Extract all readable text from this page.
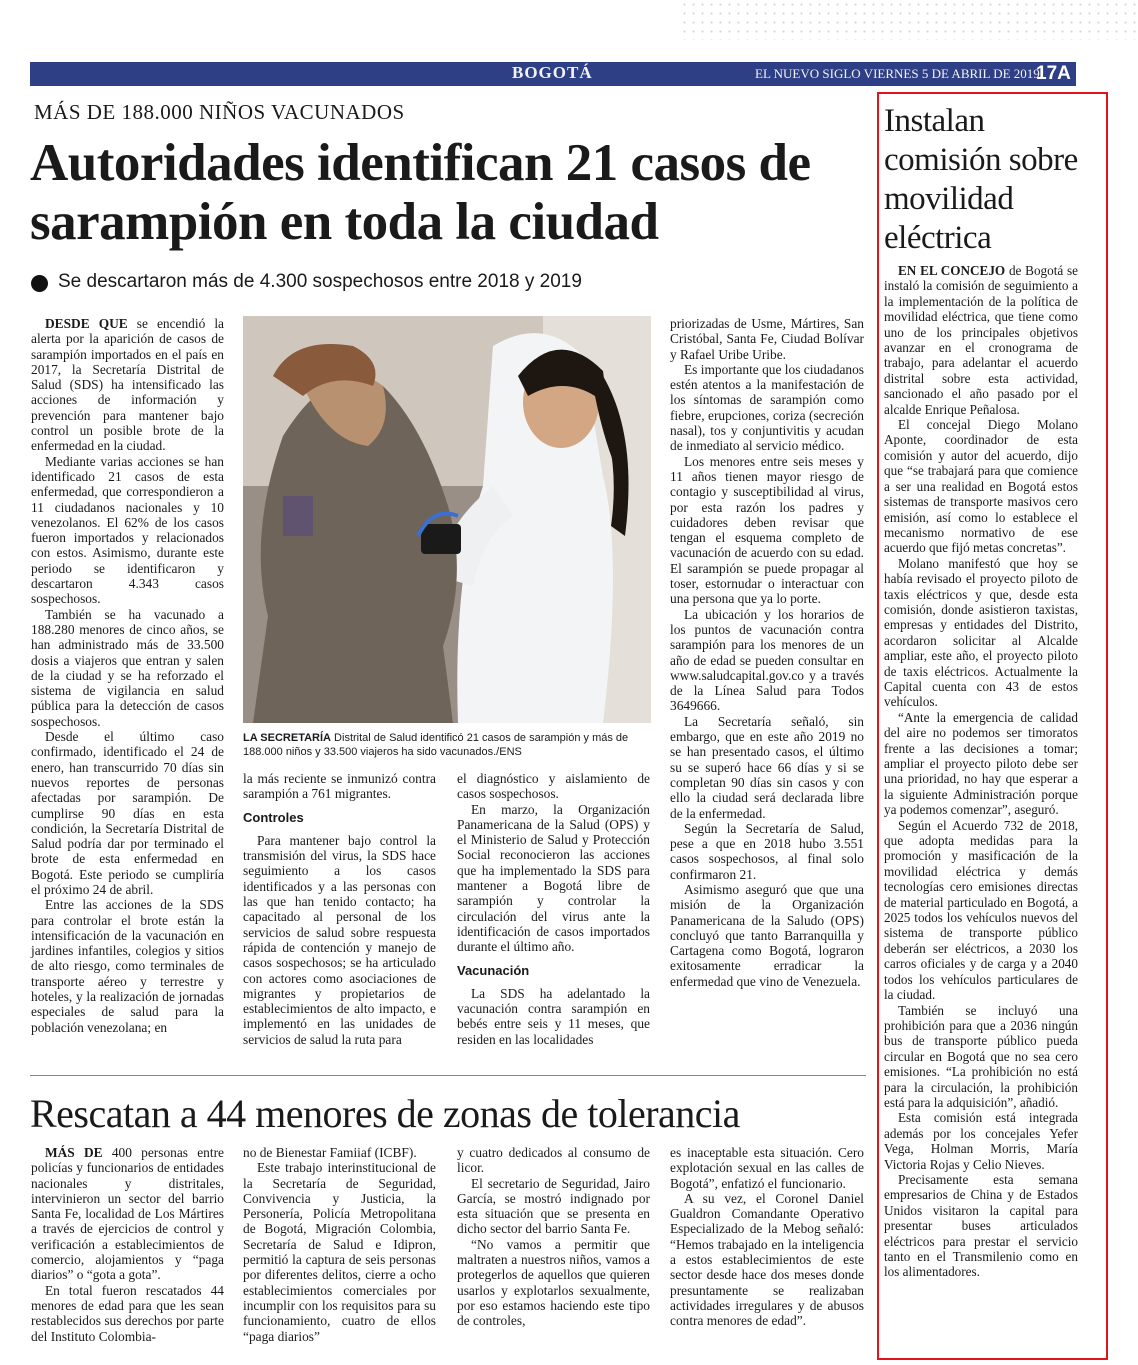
BOGOTÁ	EL NUEVO SIGLO VIERNES 5 DE ABRIL DE 2019
17A
MÁS DE 188.000 NIÑOS VACUNADOS
Autoridades identifican 21 casos de sarampión en toda la ciudad
Se descartaron más de 4.300 sospechosos entre 2018 y 2019

DESDE QUE se encendió la alerta por la aparición de casos de sarampión importados en el país en 2017, la Secretaría Distrital de Salud (SDS) ha intensificado las acciones de información y prevención para mantener bajo control un posible brote de la enfermedad en la ciudad.

Mediante varias acciones se han identificado 21 casos de esta enfermedad, que correspondieron a 11 ciudadanos nacionales y 10 venezolanos. El 62% de los casos fueron importados y relacionados con estos. Asimismo, durante este periodo se identificaron y descartaron 4.343 casos sospechosos.

También se ha vacunado a 188.280 menores de cinco años, se han administrado más de 33.500 dosis a viajeros que entran y salen de la ciudad y se ha reforzado el sistema de vigilancia en salud pública para la detección de casos sospechosos.

Desde el último caso confirmado, identificado el 24 de enero, han transcurrido 70 días sin nuevos reportes de personas afectadas por sarampión. De cumplirse 90 días en esta condición, la Secretaría Distrital de Salud podría dar por terminado el brote de esta enfermedad en Bogotá. Este periodo se cumpliría el próximo 24 de abril.

Entre las acciones de la SDS para controlar el brote están la intensificación de la vacunación en jardines infantiles, colegios y sitios de alto riesgo, como terminales de transporte aéreo y terrestre y hoteles, y la realización de jornadas especiales de salud para la población venezolana; en

LA SECRETARÍA Distrital de Salud identificó 21 casos de sarampión y más de 188.000 niños y 33.500 viajeros ha sido vacunados./ENS

la más reciente se inmunizó contra sarampión a 761 migrantes.

Controles

Para mantener bajo control la transmisión del virus, la SDS hace seguimiento a los casos identificados y a las personas con las que han tenido contacto; ha capacitado al personal de los servicios de salud sobre respuesta rápida de contención y manejo de casos sospechosos; se ha articulado con actores como asociaciones de migrantes y propietarios de establecimientos de alto impacto, e implementó en las unidades de servicios de salud la ruta para

el diagnóstico y aislamiento de casos sospechosos.

En marzo, la Organización Panamericana de la Salud (OPS) y el Ministerio de Salud y Protección Social reconocieron las acciones que ha implementado la SDS para mantener a Bogotá libre de sarampión y controlar la circulación del virus ante la identificación de casos importados durante el último año.

Vacunación

La SDS ha adelantado la vacunación contra sarampión en bebés entre seis y 11 meses, que residen en las localidades

priorizadas de Usme, Mártires, San Cristóbal, Santa Fe, Ciudad Bolívar y Rafael Uribe Uribe.

Es importante que los ciudadanos estén atentos a la manifestación de los síntomas de sarampión como fiebre, erupciones, coriza (secreción nasal), tos y conjuntivitis y acudan de inmediato al servicio médico.

Los menores entre seis meses y 11 años tienen mayor riesgo de contagio y susceptibilidad al virus, por esta razón los padres y cuidadores deben revisar que tengan el esquema completo de vacunación de acuerdo con su edad. El sarampión se puede propagar al toser, estornudar o interactuar con una persona que ya lo porte.

La ubicación y los horarios de los puntos de vacunación contra sarampión para los menores de un año de edad se pueden consultar en www.saludcapital.gov.co y a través de la Línea Salud para Todos 3649666.

La Secretaría señaló, sin embargo, que en este año 2019 no se han presentado casos, el último su se superó hace 66 días y si se completan 90 días sin casos y con ello la ciudad será declarada libre de la enfermedad.

Según la Secretaría de Salud, pese a que en 2018 hubo 3.551 casos sospechosos, al final solo confirmaron 21.

Asimismo aseguró que que una misión de la Organización Panamericana de la Saludo (OPS) concluyó que tanto Barranquilla y Cartagena como Bogotá, lograron exitosamente erradicar la enfermedad que vino de Venezuela.

Rescatan a 44 menores de zonas de tolerancia

MÁS DE 400 personas entre policías y funcionarios de entidades nacionales y distritales, intervinieron un sector del barrio Santa Fe, localidad de Los Mártires a través de ejercicios de control y verificación a establecimientos de comercio, alojamientos y “paga diarios” o “gota a gota”.

En total fueron rescatados 44 menores de edad para que les sean restablecidos sus derechos por parte del Instituto Colombia-

no de Bienestar Famiiaf (ICBF).

Este trabajo interinstitucional de la Secretaría de Seguridad, Convivencia y Justicia, la Personería, Policía Metropolitana de Bogotá, Migración Colombia, Secretaría de Salud e Idipron, permitió la captura de seis personas por diferentes delitos, cierre a ocho establecimientos comerciales por incumplir con los requisitos para su funcionamiento, cuatro de ellos “paga diarios”

y cuatro dedicados al consumo de licor.

El secretario de Seguridad, Jairo García, se mostró indignado por esta situación que se presenta en dicho sector del barrio Santa Fe.

“No vamos a permitir que maltraten a nuestros niños, vamos a protegerlos de aquellos que quieren usarlos y explotarlos sexualmente, por eso estamos haciendo este tipo de controles,

es inaceptable esta situación. Cero explotación sexual en las calles de Bogotá”, enfatizó el funcionario.

A su vez, el Coronel Daniel Gualdron Comandante Operativo Especializado de la Mebog señaló: “Hemos trabajado en la inteligencia a estos establecimientos de este sector desde hace dos meses donde presuntamente se realizaban actividades irregulares y de abusos contra menores de edad”.

Instalan comisión sobre movilidad eléctrica

EN EL CONCEJO de Bogotá se instaló la comisión de seguimiento a la implementación de la política de movilidad eléctrica, que tiene como uno de los principales objetivos avanzar en el cronograma de trabajo, para adelantar el acuerdo distrital sobre esta actividad, sancionado el año pasado por el alcalde Enrique Peñalosa.

El concejal Diego Molano Aponte, coordinador de esta comisión y autor del acuerdo, dijo que “se trabajará para que comience a ser una realidad en Bogotá estos sistemas de transporte masivos cero emisión, así como lo establece el mecanismo normativo de ese acuerdo que fijó metas concretas”.

Molano manifestó que hoy se había revisado el proyecto piloto de taxis eléctricos y que, desde esta comisión, donde asistieron taxistas, empresas y entidades del Distrito, acordaron solicitar al Alcalde ampliar, este año, el proyecto piloto de taxis eléctricos. Actualmente la Capital cuenta con 43 de estos vehículos.

“Ante la emergencia de calidad del aire no podemos ser timoratos frente a las decisiones a tomar; ampliar el proyecto piloto debe ser una prioridad, no hay que esperar a la siguiente Administración porque ya podemos comenzar”, aseguró.

Según el Acuerdo 732 de 2018, que adopta medidas para la promoción y masificación de la movilidad eléctrica y demás tecnologías cero emisiones directas de material particulado en Bogotá, a 2025 todos los vehículos nuevos del sistema de transporte público deberán ser eléctricos, a 2030 los carros oficiales y de carga y a 2040 todos los vehículos particulares de la ciudad.

También se incluyó una prohibición para que a 2036 ningún bus de transporte público pueda circular en Bogotá que no sea cero emisiones. “La prohibición no está para la circulación, la prohibición está para la adquisición”, añadió.

Esta comisión está integrada además por los concejales Yefer Vega, Holman Morris, María Victoria Rojas y Celio Nieves.

Precisamente esta semana empresarios de China y de Estados Unidos visitaron la capital para presentar buses articulados eléctricos para prestar el servicio tanto en el Transmilenio como en los alimentadores.
